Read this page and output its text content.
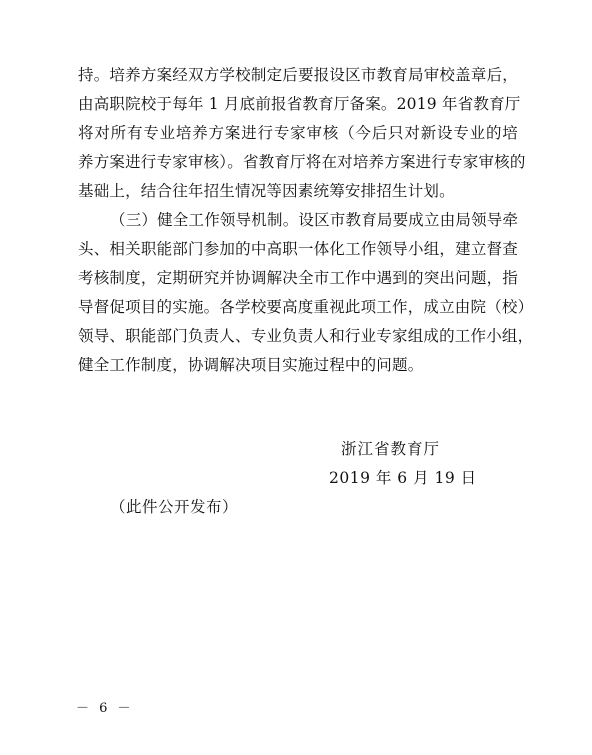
持。培养方案经双方学校制定后要报设区市教育局审校盖章后，
由高职院校于每年 1 月底前报省教育厅备案。2019 年省教育厅
将对所有专业培养方案进行专家审核（今后只对新设专业的培
养方案进行专家审核）。省教育厅将在对培养方案进行专家审核的
基础上，结合往年招生情况等因素统筹安排招生计划。
（三）健全工作领导机制。设区市教育局要成立由局领导牵
头、相关职能部门参加的中高职一体化工作领导小组，建立督查
考核制度，定期研究并协调解决全市工作中遇到的突出问题，指
导督促项目的实施。各学校要高度重视此项工作，成立由院（校）
领导、职能部门负责人、专业负责人和行业专家组成的工作小组，
健全工作制度，协调解决项目实施过程中的问题。
浙江省教育厅
2019 年 6 月 19 日
（此件公开发布）
－ 6 －
